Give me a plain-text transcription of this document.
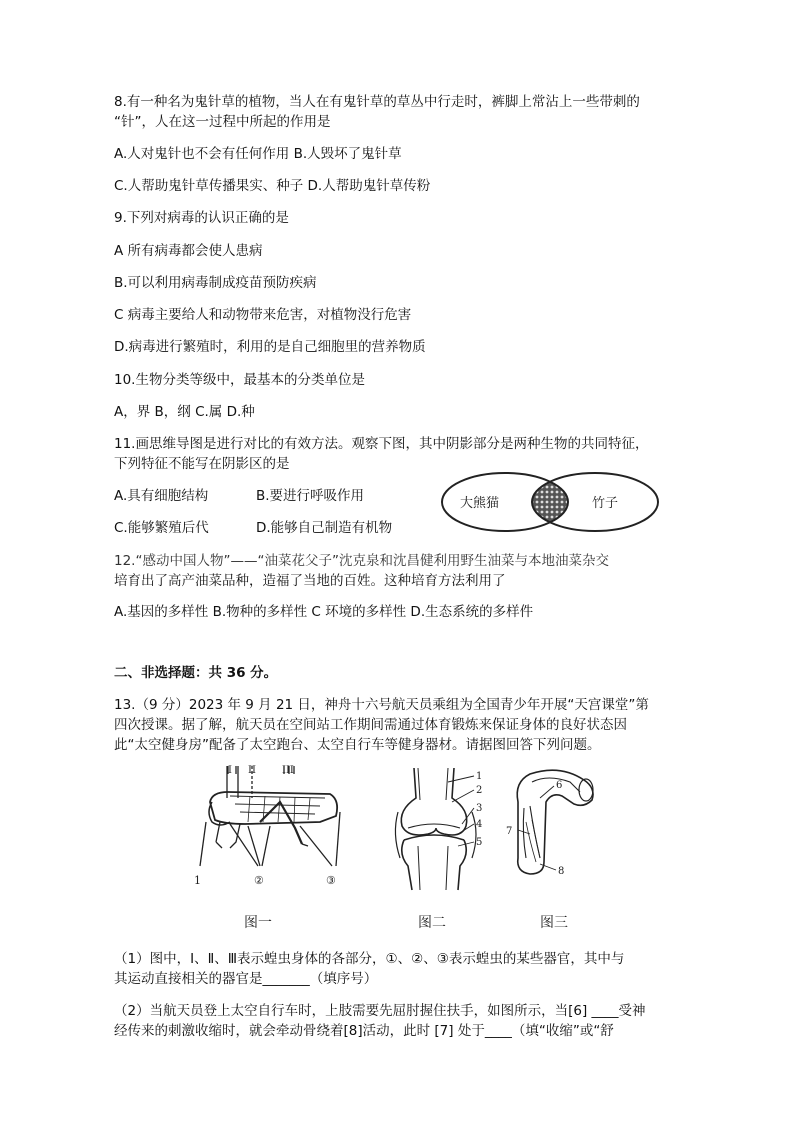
8.有一种名为鬼针草的植物，当人在有鬼针草的草丛中行走时，裤脚上常沾上一些带刺的
“针”，人在这一过程中所起的作用是
A.人对鬼针也不会有任何作用 B.人毁坏了鬼针草
C.人帮助鬼针草传播果实、种子 D.人帮助鬼针草传粉
9.下列对病毒的认识正确的是
A 所有病毒都会使人患病
B.可以利用病毒制成疫苗预防疾病
C 病毒主要给人和动物带来危害，对植物没行危害
D.病毒进行繁殖时，利用的是自己细胞里的营养物质
10.生物分类等级中，最基本的分类单位是
A，界 B，纲 C.属 D.种
11.画思维导图是进行对比的有效方法。观察下图，其中阴影部分是两种生物的共同特征，
下列特征不能写在阴影区的是
A.具有细胞结构	B.要进行呼吸作用
C.能够繁殖后代	D.能够自己制造有机物
大熊猫	竹子
12.“感动中国人物”——“油菜花父子”沈克泉和沈昌健利用野生油菜与本地油菜杂交
培育出了高产油菜品种，造福了当地的百姓。这种培育方法利用了
A.基因的多样性 B.物种的多样性 C 环境的多样性 D.生态系统的多样件
二、非选择题：共 36 分。
13.（9 分）2023 年 9 月 21 日，神舟十六号航天员乘组为全国青少年开展“天宫课堂”第
四次授课。据了解，航天员在空间站工作期间需通过体育锻炼来保证身体的良好状态因
此“太空健身房”配备了太空跑台、太空自行车等健身器材。请据图回答下列问题。
I II	III
1	②	③
1
2
3
4
5
6
7
8
图一	图二	图三
（1）图中，Ⅰ、Ⅱ、Ⅲ表示蝗虫身体的各部分，①、②、③表示蝗虫的某些器官，其中与
其运动直接相关的器官是_______（填序号）
（2）当航天员登上太空自行车时，上肢需要先屈肘握住扶手，如图所示，当[6] ____受神
经传来的刺激收缩时，就会牵动骨绕着[8]活动，此时 [7] 处于____（填“收缩”或“舒
